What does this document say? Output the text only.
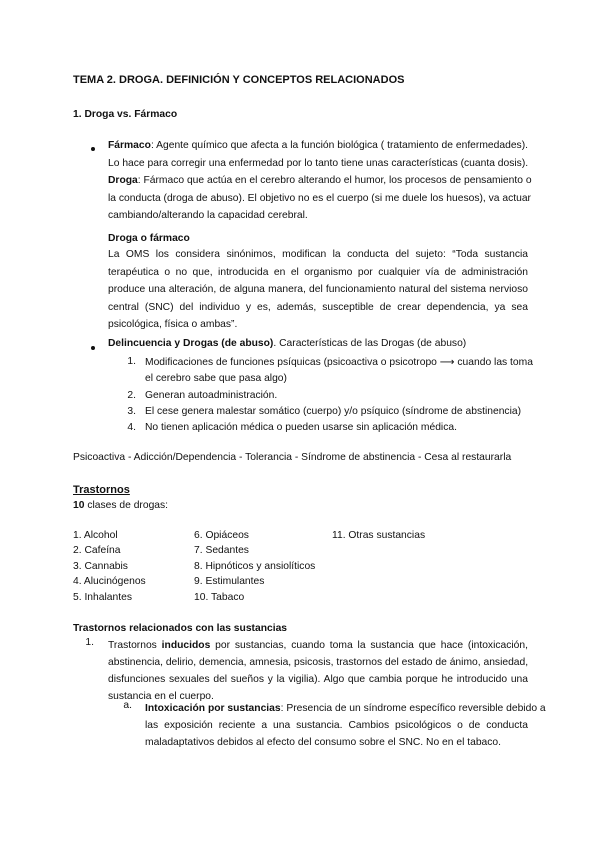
TEMA 2. DROGA. DEFINICIÓN Y CONCEPTOS RELACIONADOS
1. Droga vs. Fármaco
Fármaco: Agente químico que afecta a la función biológica ( tratamiento de enfermedades).
Lo hace para corregir una enfermedad por lo tanto tiene unas características (cuanta dosis).
Droga: Fármaco que actúa en el cerebro alterando el humor, los procesos de pensamiento o
la conducta (droga de abuso). El objetivo no es el cuerpo (si me duele los huesos), va actuar
cambiando/alterando la capacidad cerebral.
Droga o fármaco
La OMS los considera sinónimos, modifican la conducta del sujeto: “Toda sustancia
terapéutica o no que, introducida en el organismo por cualquier vía de administración
produce una alteración, de alguna manera, del funcionamiento natural del sistema nervioso
central (SNC) del individuo y es, además, susceptible de crear dependencia, ya sea
psicológica, física o ambas”.
Delincuencia y Drogas (de abuso). Características de las Drogas (de abuso)
1. Modificaciones de funciones psíquicas (psicoactiva o psicotropo ⟶ cuando las toma
el cerebro sabe que pasa algo)
2. Generan autoadministración.
3. El cese genera malestar somático (cuerpo) y/o psíquico (síndrome de abstinencia)
4. No tienen aplicación médica o pueden usarse sin aplicación médica.
Psicoactiva - Adicción/Dependencia - Tolerancia - Síndrome de abstinencia - Cesa al restaurarla
Trastornos
10 clases de drogas:
1. Alcohol
2. Cafeína
3. Cannabis
4. Alucinógenos
5. Inhalantes
6. Opiáceos
7. Sedantes
8. Hipnóticos y ansiolíticos
9. Estimulantes
10. Tabaco
11. Otras sustancias
Trastornos relacionados con las sustancias
1. Trastornos inducidos por sustancias, cuando toma la sustancia que hace (intoxicación,
abstinencia, delirio, demencia, amnesia, psicosis, trastornos del estado de ánimo, ansiedad,
disfunciones sexuales del sueños y la vigilia). Algo que cambia porque he introducido una
sustancia en el cuerpo.
a. Intoxicación por sustancias: Presencia de un síndrome específico reversible debido a
las exposición reciente a una sustancia. Cambios psicológicos o de conducta
maladaptativos debidos al efecto del consumo sobre el SNC. No en el tabaco.
